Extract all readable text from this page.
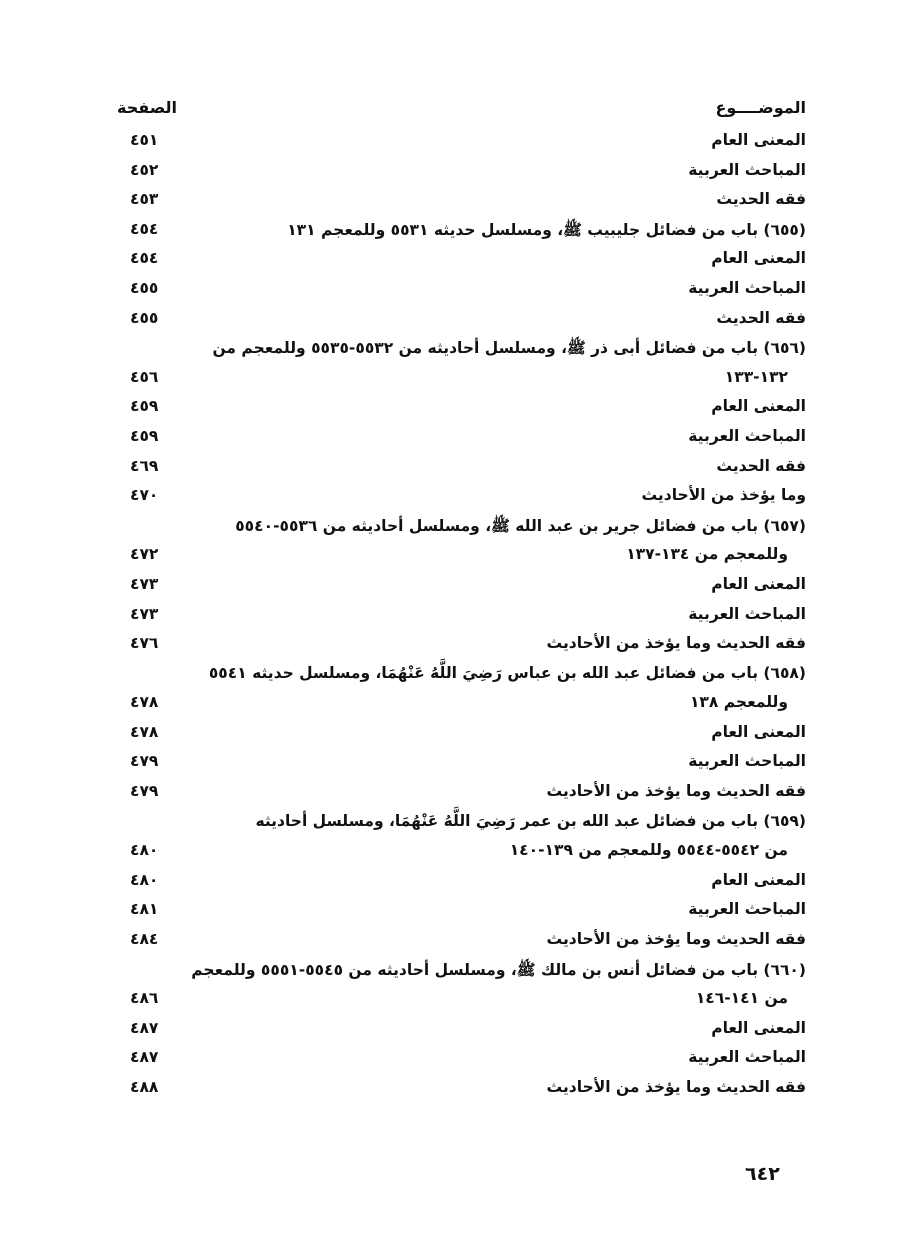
الموضــــوع
الصفحة
المعنى العام
٤٥١
المباحث العربية
٤٥٢
فقه الحديث
٤٥٣
(٦٥٥) باب من فضائل جليبيب ﷺ، ومسلسل حديثه ٥٥٣١ وللمعجم ١٣١
٤٥٤
المعنى العام
٤٥٤
المباحث العربية
٤٥٥
فقه الحديث
٤٥٥
(٦٥٦) باب من فضائل أبى ذر ﷺ، ومسلسل أحاديثه من ٥٥٣٢-٥٥٣٥ وللمعجم من
١٣٢-١٣٣
٤٥٦
المعنى العام
٤٥٩
المباحث العربية
٤٥٩
فقه الحديث
٤٦٩
وما يؤخذ من الأحاديث
٤٧٠
(٦٥٧) باب من فضائل جرير بن عبد الله ﷺ، ومسلسل أحاديثه من ٥٥٣٦-٥٥٤٠
وللمعجم من ١٣٤-١٣٧
٤٧٢
المعنى العام
٤٧٣
المباحث العربية
٤٧٣
فقه الحديث وما يؤخذ من الأحاديث
٤٧٦
(٦٥٨) باب من فضائل عبد الله بن عباس رَضِيَ اللَّهُ عَنْهُمَا، ومسلسل حديثه ٥٥٤١
وللمعجم ١٣٨
٤٧٨
المعنى العام
٤٧٨
المباحث العربية
٤٧٩
فقه الحديث وما يؤخذ من الأحاديث
٤٧٩
(٦٥٩) باب من فضائل عبد الله بن عمر رَضِيَ اللَّهُ عَنْهُمَا، ومسلسل أحاديثه
من ٥٥٤٢-٥٥٤٤ وللمعجم من ١٣٩-١٤٠
٤٨٠
المعنى العام
٤٨٠
المباحث العربية
٤٨١
فقه الحديث وما يؤخذ من الأحاديث
٤٨٤
(٦٦٠) باب من فضائل أنس بن مالك ﷺ، ومسلسل أحاديثه من ٥٥٤٥-٥٥٥١ وللمعجم
من ١٤١-١٤٦
٤٨٦
المعنى العام
٤٨٧
المباحث العربية
٤٨٧
فقه الحديث وما يؤخذ من الأحاديث
٤٨٨
٦٤٢
